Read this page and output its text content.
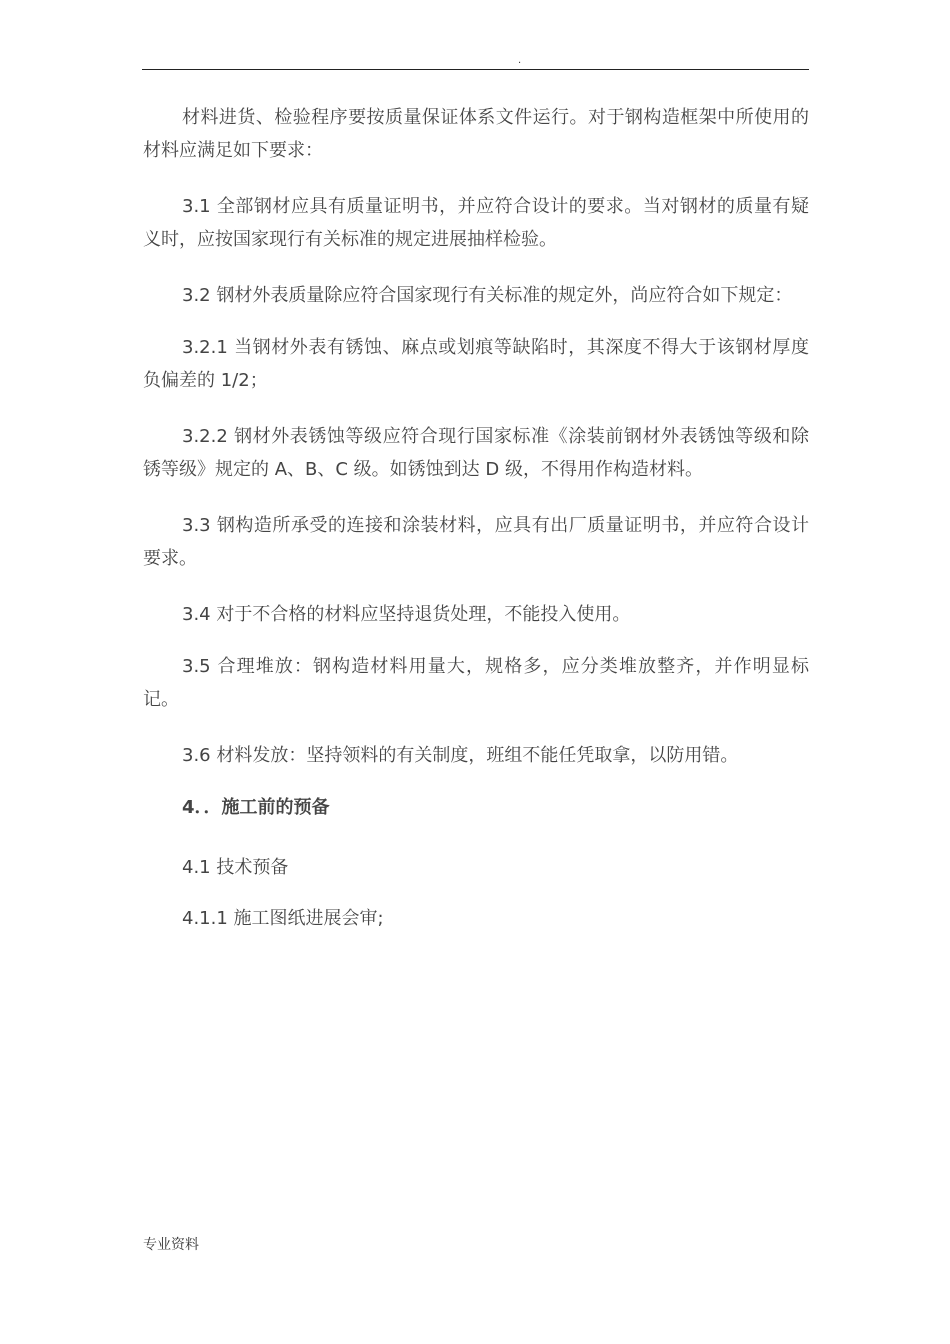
.

材料进货、检验程序要按质量保证体系文件运行。对于钢构造框架中所使用的材料应满足如下要求：

3.1 全部钢材应具有质量证明书，并应符合设计的要求。当对钢材的质量有疑义时，应按国家现行有关标准的规定进展抽样检验。

3.2 钢材外表质量除应符合国家现行有关标准的规定外，尚应符合如下规定：

3.2.1 当钢材外表有锈蚀、麻点或划痕等缺陷时，其深度不得大于该钢材厚度负偏差的 1/2；

3.2.2 钢材外表锈蚀等级应符合现行国家标准《涂装前钢材外表锈蚀等级和除锈等级》规定的 A、B、C 级。如锈蚀到达 D 级，不得用作构造材料。

3.3 钢构造所承受的连接和涂装材料，应具有出厂质量证明书，并应符合设计要求。

3.4 对于不合格的材料应坚持退货处理，不能投入使用。

3.5 合理堆放：钢构造材料用量大，规格多，应分类堆放整齐，并作明显标记。

3.6 材料发放：坚持领料的有关制度，班组不能任凭取拿，以防用错。

4．．施工前的预备

4.1 技术预备

4.1.1 施工图纸进展会审;

专业资料
